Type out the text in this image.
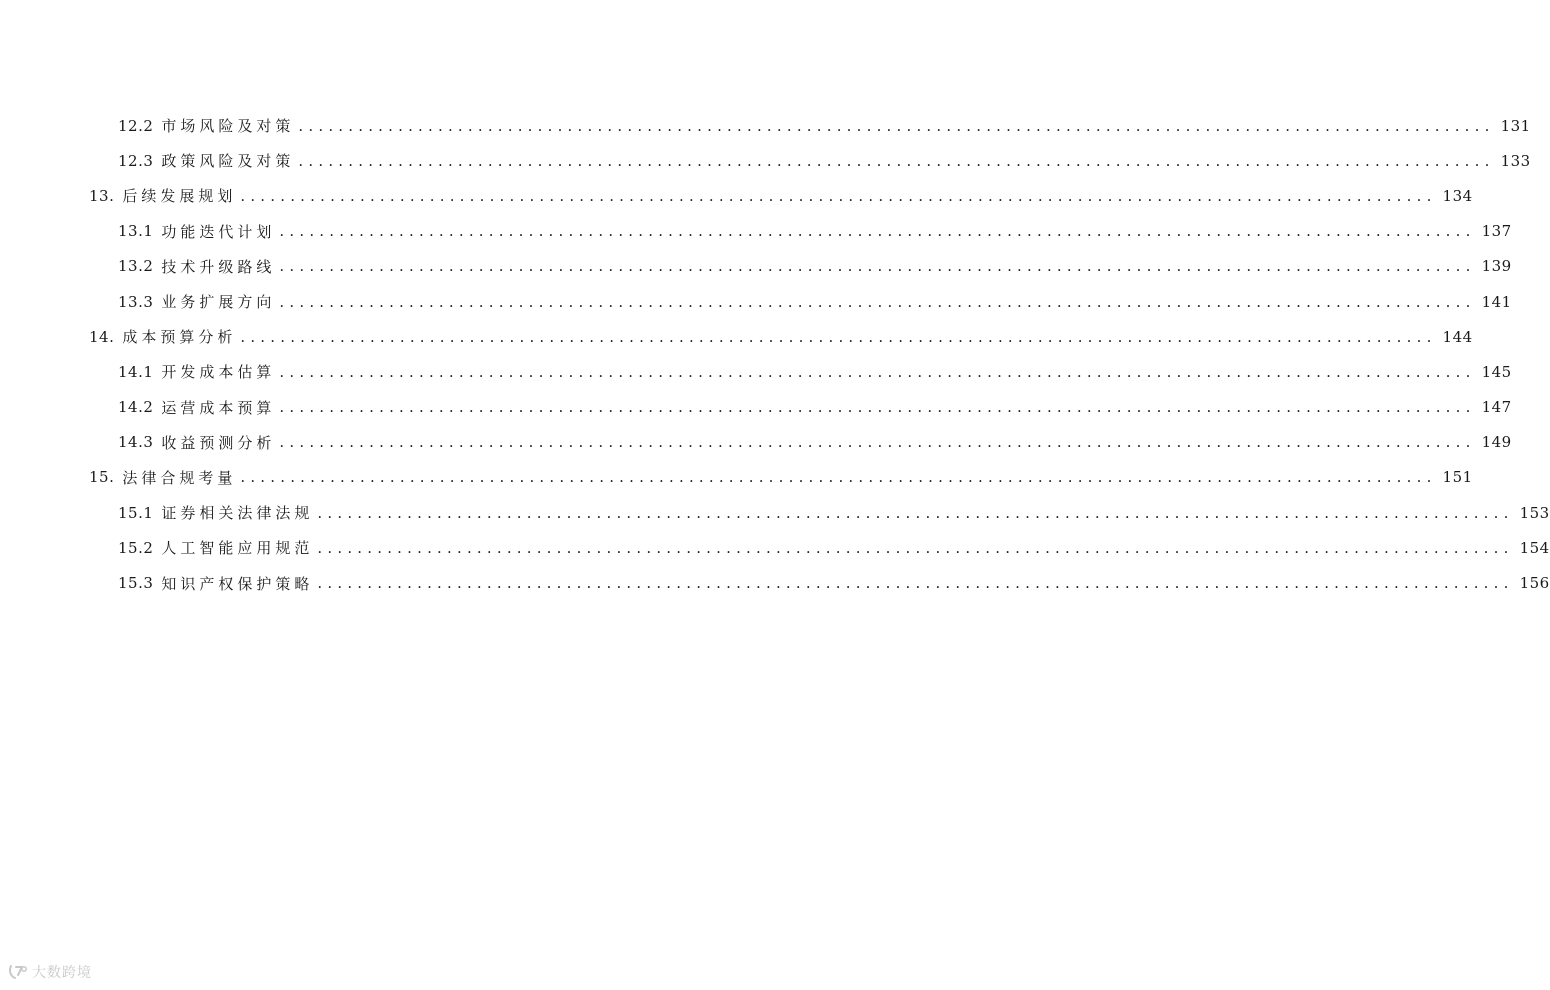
12.2 市场风险及对策 ........................................................................................................................ 131
12.3 政策风险及对策 ........................................................................................................................ 133
13. 后续发展规划 ........................................................................................................................ 134
13.1 功能迭代计划 ........................................................................................................................ 137
13.2 技术升级路线 ........................................................................................................................ 139
13.3 业务扩展方向 ........................................................................................................................ 141
14. 成本预算分析 ........................................................................................................................ 144
14.1 开发成本估算 ........................................................................................................................ 145
14.2 运营成本预算 ........................................................................................................................ 147
14.3 收益预测分析 ........................................................................................................................ 149
15. 法律合规考量 ........................................................................................................................ 151
15.1 证券相关法律法规 ........................................................................................................................ 153
15.2 人工智能应用规范 ........................................................................................................................ 154
15.3 知识产权保护策略 ........................................................................................................................ 156
大数跨境
